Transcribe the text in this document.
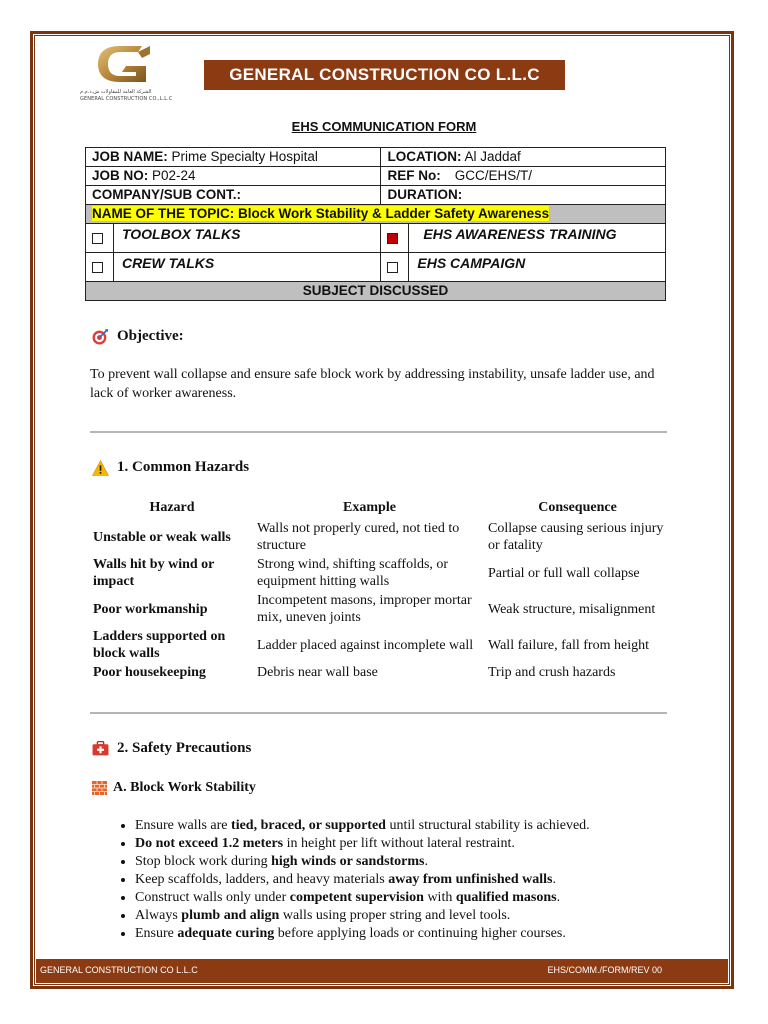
الشركة العامة للمقاولات ش.ذ.م.م
GENERAL CONSTRUCTION CO.,L.L.C
GENERAL CONSTRUCTION CO L.L.C
EHS COMMUNICATION FORM
JOB NAME: Prime Specialty Hospital		LOCATION: Al Jaddaf	
JOB NO: P02-24		REF No: GCC/EHS/T/	
COMPANY/SUB CONT.:		DURATION:	
NAME OF THE TOPIC: Block Work Stability & Ladder Safety Awareness			
	TOOLBOX TALKS		EHS AWARENESS TRAINING
	CREW TALKS		EHS CAMPAIGN
SUBJECT DISCUSSED			
Objective:
To prevent wall collapse and ensure safe block work by addressing instability, unsafe ladder use, and lack of worker awareness.
1. Common Hazards
Hazard	Example	Consequence
Unstable or weak walls	Walls not properly cured, not tied to structure	Collapse causing serious injury or fatality
Walls hit by wind or impact	Strong wind, shifting scaffolds, or equipment hitting walls	Partial or full wall collapse
Poor workmanship	Incompetent masons, improper mortar mix, uneven joints	Weak structure, misalignment
Ladders supported on block walls	Ladder placed against incomplete wall	Wall failure, fall from height
Poor housekeeping	Debris near wall base	Trip and crush hazards
2. Safety Precautions
A. Block Work Stability
• Ensure walls are tied, braced, or supported until structural stability is achieved.
• Do not exceed 1.2 meters in height per lift without lateral restraint.
• Stop block work during high winds or sandstorms.
• Keep scaffolds, ladders, and heavy materials away from unfinished walls.
• Construct walls only under competent supervision with qualified masons.
• Always plumb and align walls using proper string and level tools.
• Ensure adequate curing before applying loads or continuing higher courses.
GENERAL CONSTRUCTION CO L.L.C	EHS/COMM./FORM/REV 00
